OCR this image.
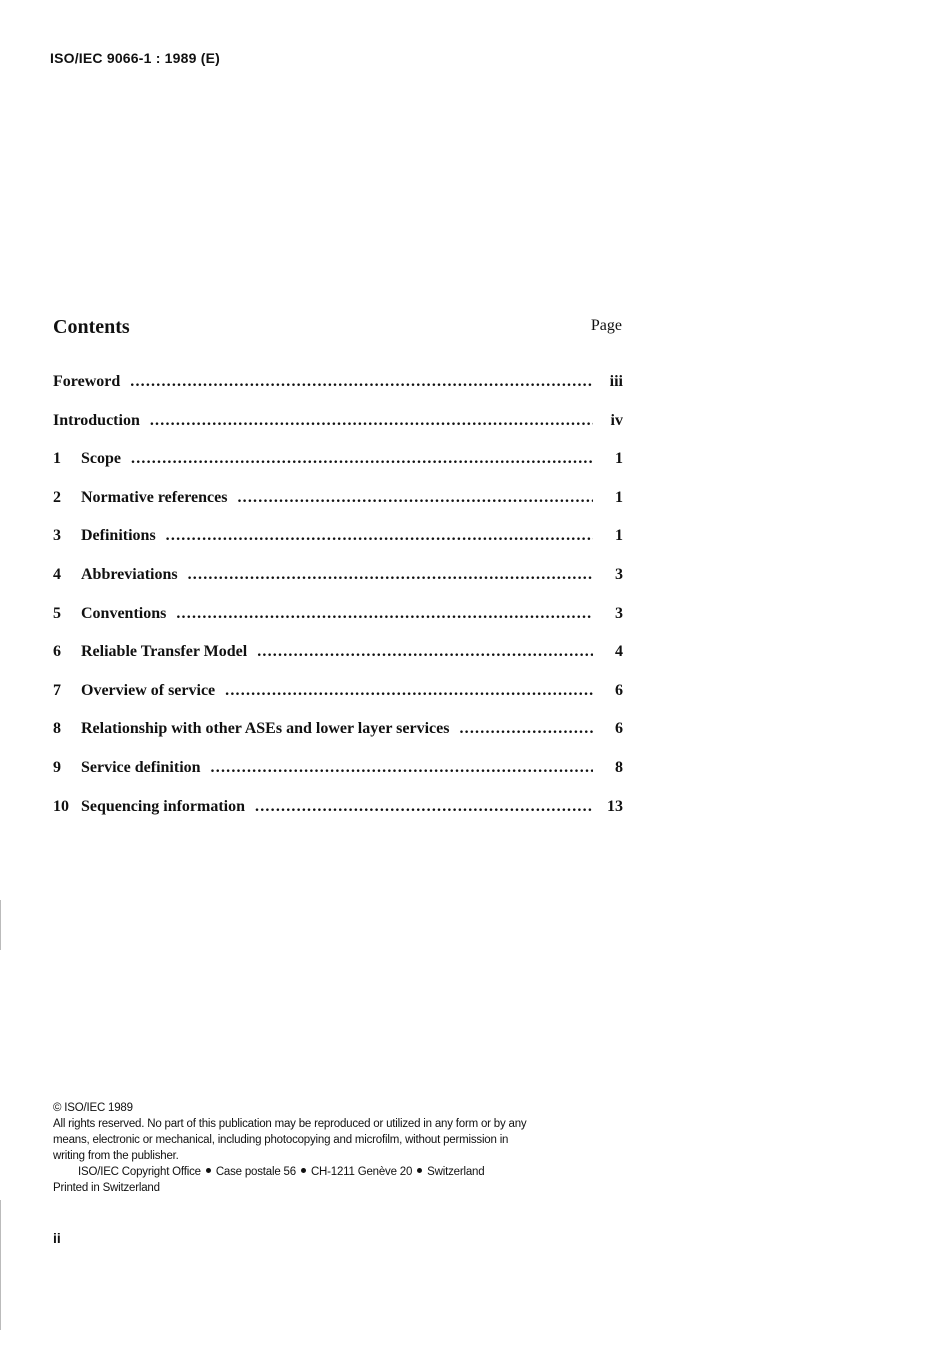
ISO/IEC 9066-1 : 1989 (E)
Contents	Page
Foreword . . .	iii
Introduction . . .	iv
1	Scope . . .	1
2	Normative references . . .	1
3	Definitions . . .	1
4	Abbreviations . . .	3
5	Conventions . . .	3
6	Reliable Transfer Model . . .	4
7	Overview of service . . .	6
8	Relationship with other ASEs and lower layer services . . .	6
9	Service definition . . .	8
10 Sequencing information . . .	13
© ISO/IEC 1989
All rights reserved. No part of this publication may be reproduced or utilized in any form or by any
means, electronic or mechanical, including photocopying and microfilm, without permission in
writing from the publisher.
ISO/IEC Copyright Office Case postale 56 CH-1211 Genève 20 Switzerland
Printed in Switzerland
ii
